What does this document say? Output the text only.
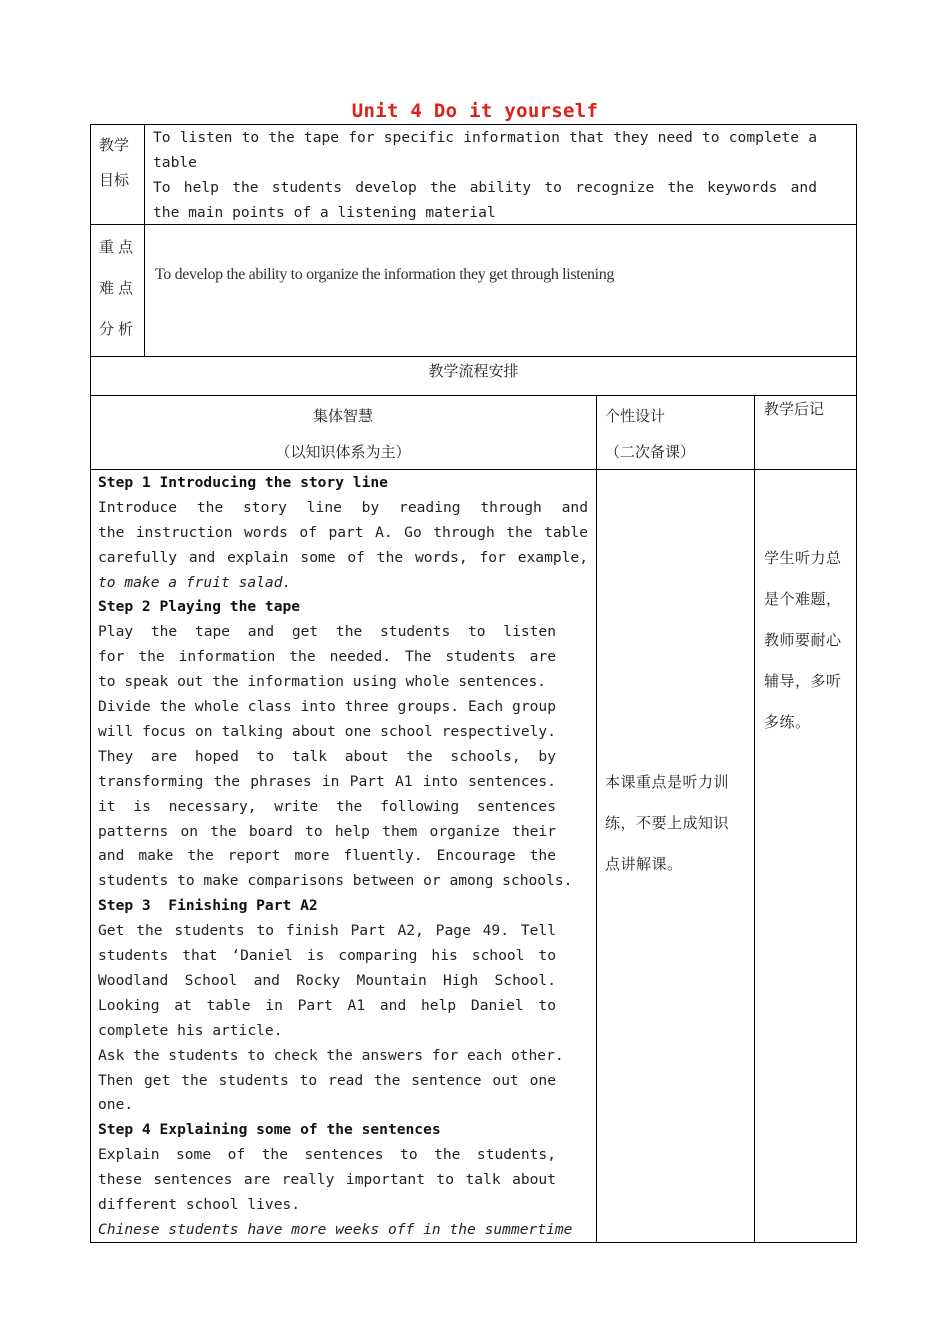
Unit 4 Do it yourself
教学
目标
To listen to the tape for specific information that they need to complete a
table
To help the students develop the ability to recognize the keywords and
the main points of a listening material
重点
难点
分析
To develop the ability to organize the information they get through listening
教学流程安排
集体智慧
（以知识体系为主）
个性设计
（二次备课）
教学后记
Step 1 Introducing the story line
Introduce the story line by reading through and
the instruction words of part A. Go through the table
carefully and explain some of the words, for example,
to make a fruit salad.
Step 2 Playing the tape
Play the tape and get the students to listen
for the information the needed. The students are
to speak out the information using whole sentences.
Divide the whole class into three groups. Each group
will focus on talking about one school respectively.
They are hoped to talk about the schools, by
transforming the phrases in Part A1 into sentences.
it is necessary, write the following sentences
patterns on the board to help them organize their
and make the report more fluently. Encourage the
students to make comparisons between or among schools.
Step 3  Finishing Part A2
Get the students to finish Part A2, Page 49. Tell
students that ‘Daniel is comparing his school to
Woodland School and Rocky Mountain High School.
Looking at table in Part A1 and help Daniel to
complete his article.
Ask the students to check the answers for each other.
Then get the students to read the sentence out one
one.
Step 4 Explaining some of the sentences
Explain some of the sentences to the students,
these sentences are really important to talk about
different school lives.
Chinese students have more weeks off in the summertime
本课重点是听力训
练，不要上成知识
点讲解课。
学生听力总
是个难题，
教师要耐心
辅导，多听
多练。
